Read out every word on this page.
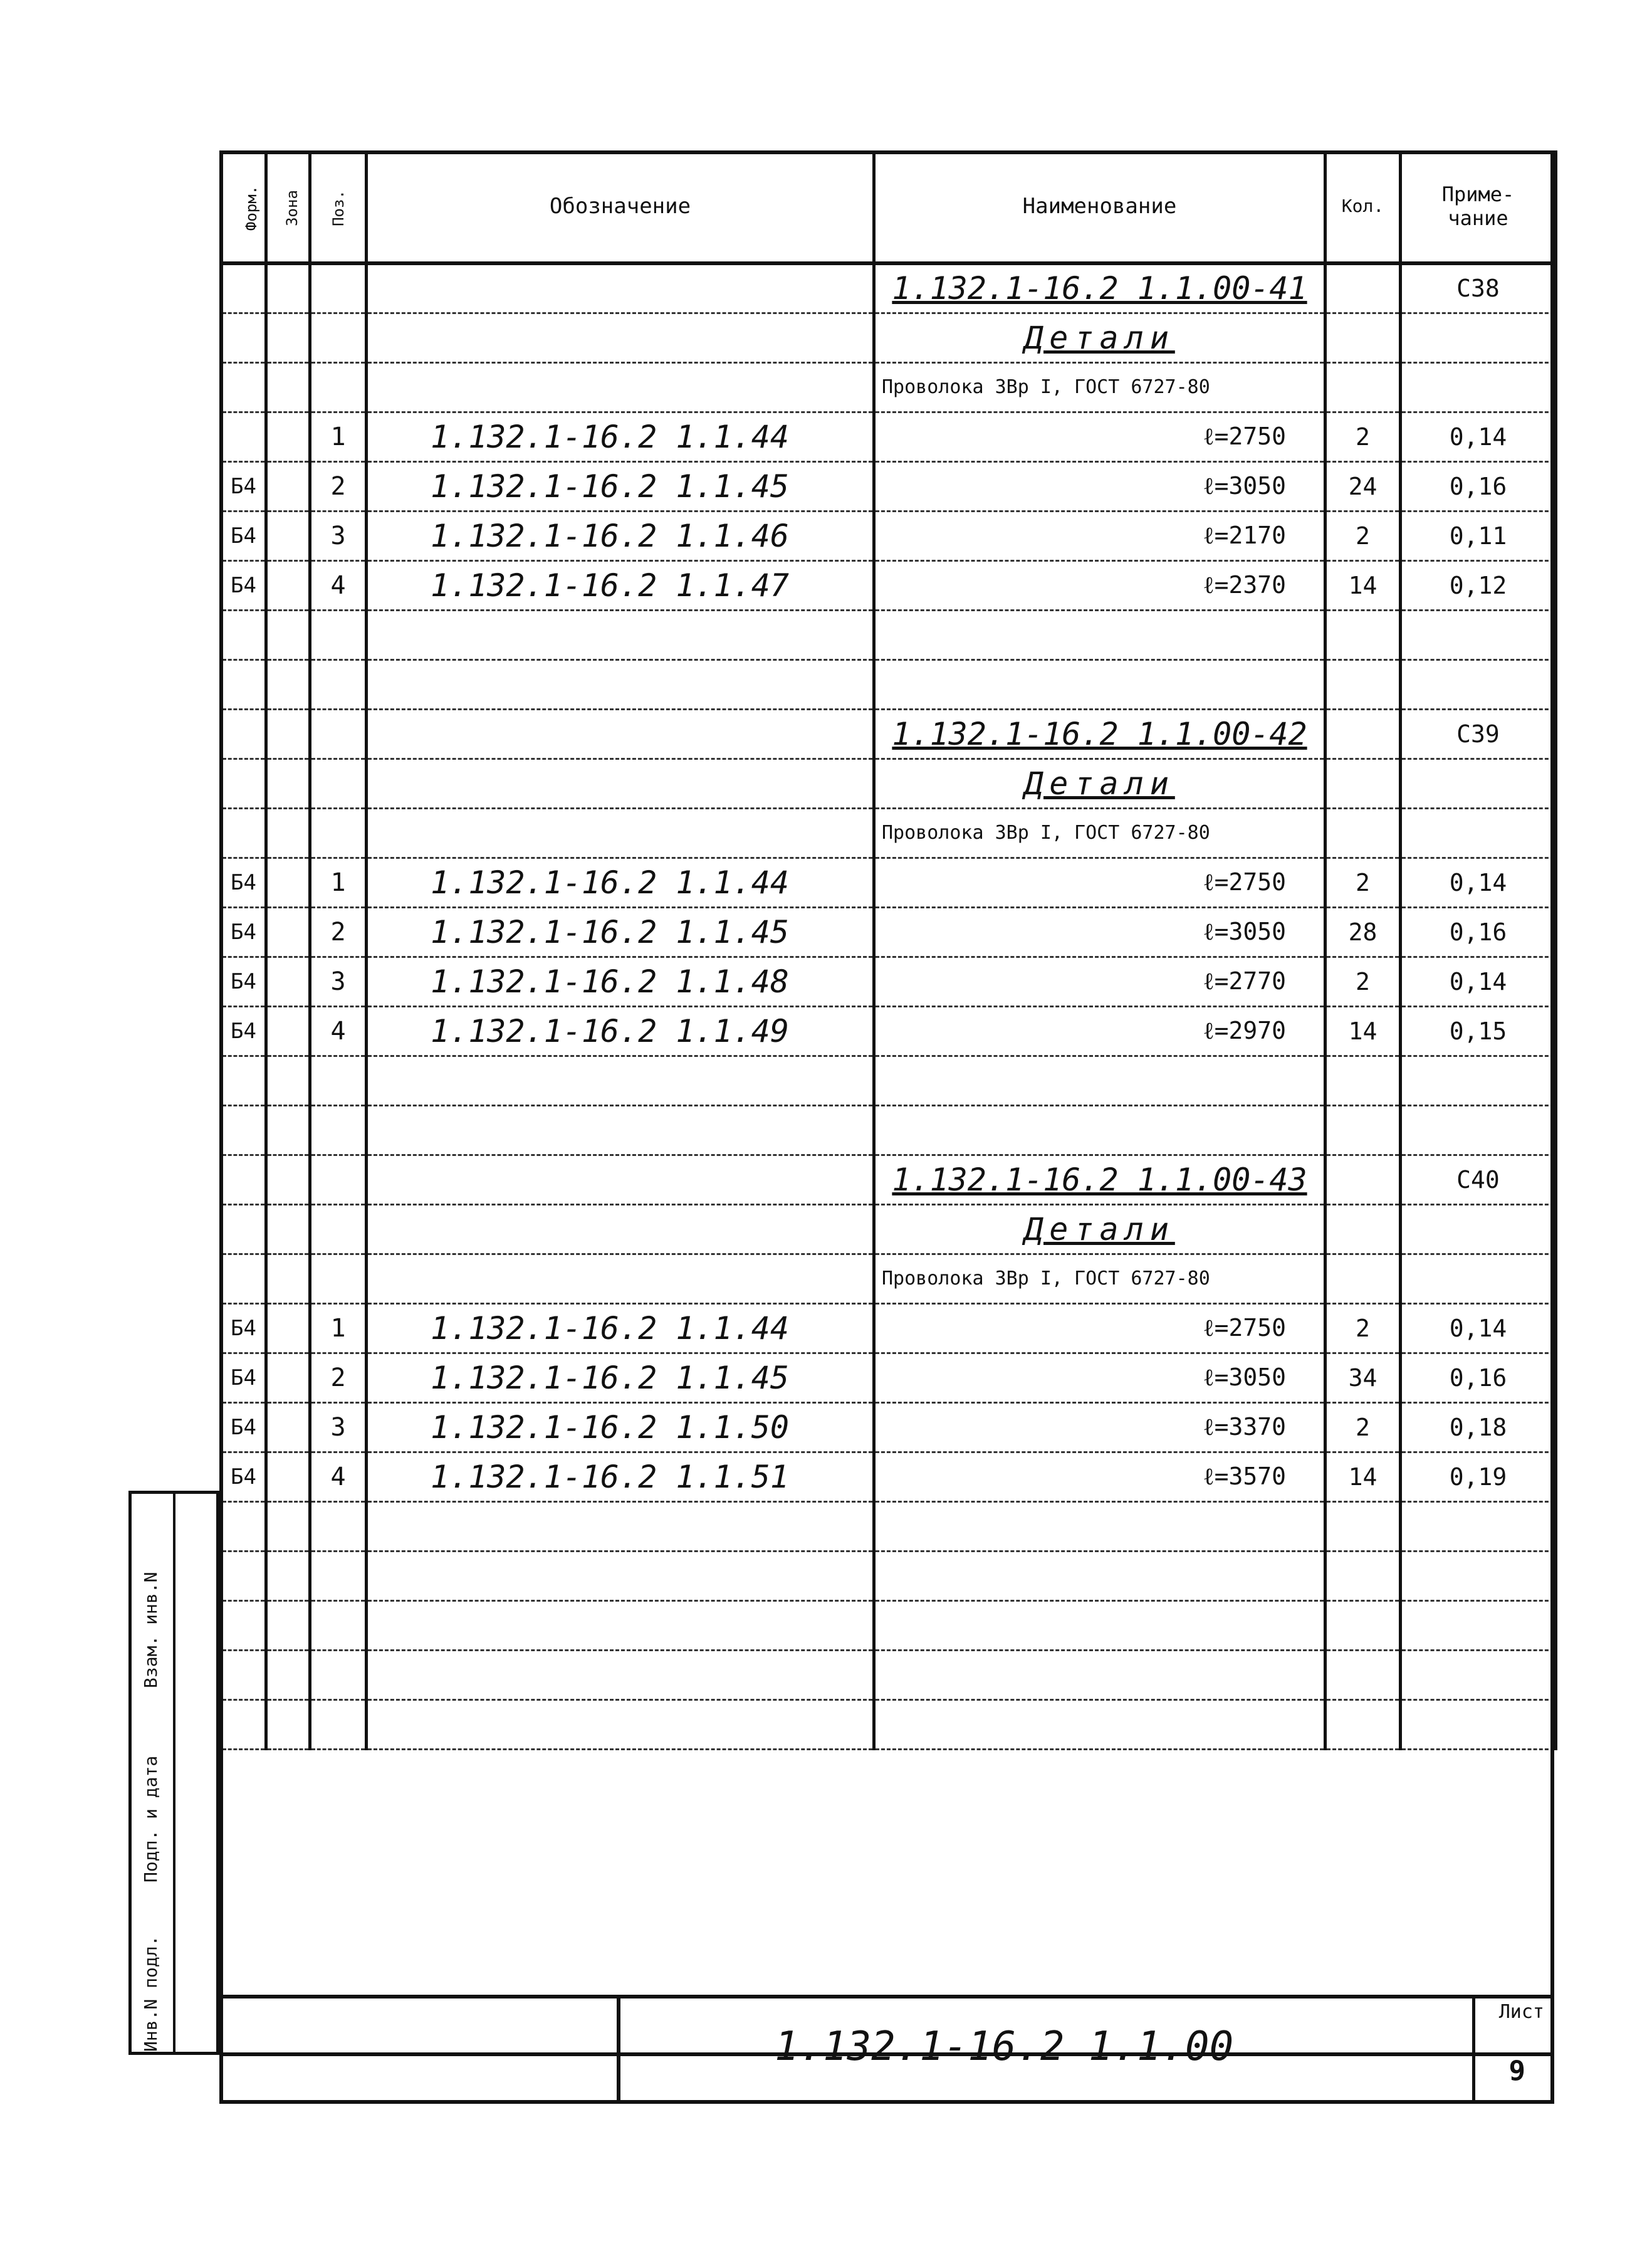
Форм.	Зона	Поз.	Обозначение	Наименование	Кол.	Приме-
чание
				1.132.1-16.2 1.1.00-41		С38
				Детали		
				Проволока 3Вр I, ГОСТ 6727-80		
		1	1.132.1-16.2 1.1.44	ℓ=2750	2	0,14
Б4		2	1.132.1-16.2 1.1.45	ℓ=3050	24	0,16
Б4		3	1.132.1-16.2 1.1.46	ℓ=2170	2	0,11
Б4		4	1.132.1-16.2 1.1.47	ℓ=2370	14	0,12

				1.132.1-16.2 1.1.00-42		С39
				Детали		
				Проволока 3Вр I, ГОСТ 6727-80		
Б4		1	1.132.1-16.2 1.1.44	ℓ=2750	2	0,14
Б4		2	1.132.1-16.2 1.1.45	ℓ=3050	28	0,16
Б4		3	1.132.1-16.2 1.1.48	ℓ=2770	2	0,14
Б4		4	1.132.1-16.2 1.1.49	ℓ=2970	14	0,15

				1.132.1-16.2 1.1.00-43		С40
				Детали		
				Проволока 3Вр I, ГОСТ 6727-80		
Б4		1	1.132.1-16.2 1.1.44	ℓ=2750	2	0,14
Б4		2	1.132.1-16.2 1.1.45	ℓ=3050	34	0,16
Б4		3	1.132.1-16.2 1.1.50	ℓ=3370	2	0,18
Б4		4	1.132.1-16.2 1.1.51	ℓ=3570	14	0,19

Инв.N подл.
Подп. и дата
Взам. инв.N
1.132.1-16.2 1.1.00
Лист
9
